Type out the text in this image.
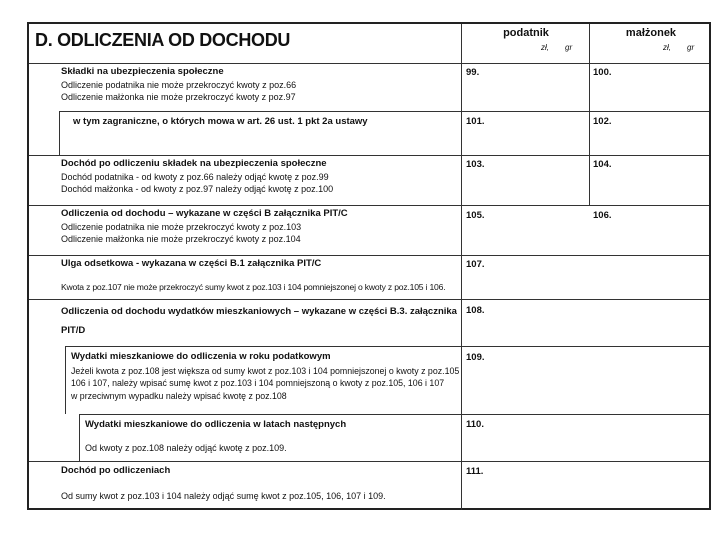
D. ODLICZENIA OD DOCHODU	podatnik	małżonek
zł, gr	zł, gr
Składki na ubezpieczenia społeczne
Odliczenie podatnika nie może przekroczyć kwoty z poz.66
Odliczenie małżonka nie może przekroczyć kwoty z poz.97
99.	100.
w tym zagraniczne, o których mowa w art. 26 ust. 1 pkt 2a ustawy	101.	102.
Dochód po odliczeniu składek na ubezpieczenia społeczne
Dochód podatnika - od kwoty z poz.66 należy odjąć kwotę z poz.99
Dochód małżonka - od kwoty z poz.97 należy odjąć kwotę z poz.100
103.	104.
Odliczenia od dochodu – wykazane w części B załącznika PIT/C
Odliczenie podatnika nie może przekroczyć kwoty z poz.103
Odliczenie małżonka nie może przekroczyć kwoty z poz.104
105.	106.
Ulga odsetkowa - wykazana w części B.1 załącznika PIT/C
Kwota z poz.107 nie może przekroczyć sumy kwot z poz.103 i 104 pomniejszonej o kwoty z poz.105 i 106.
107.
Odliczenia od dochodu wydatków mieszkaniowych – wykazane w części B.3. załącznika
PIT/D
108.
Wydatki mieszkaniowe do odliczenia w roku podatkowym
Jeżeli kwota z poz.108 jest większa od sumy kwot z poz.103 i 104 pomniejszonej o kwoty z poz.105
106 i 107, należy wpisać sumę kwot z poz.103 i 104 pomniejszoną o kwoty z poz.105, 106 i 107
w przeciwnym wypadku należy wpisać kwotę z poz.108
109.
Wydatki mieszkaniowe do odliczenia w latach następnych
Od kwoty z poz.108 należy odjąć kwotę z poz.109.
110.
Dochód po odliczeniach
Od sumy kwot z poz.103 i 104 należy odjąć sumę kwot z poz.105, 106, 107 i 109.
111.
